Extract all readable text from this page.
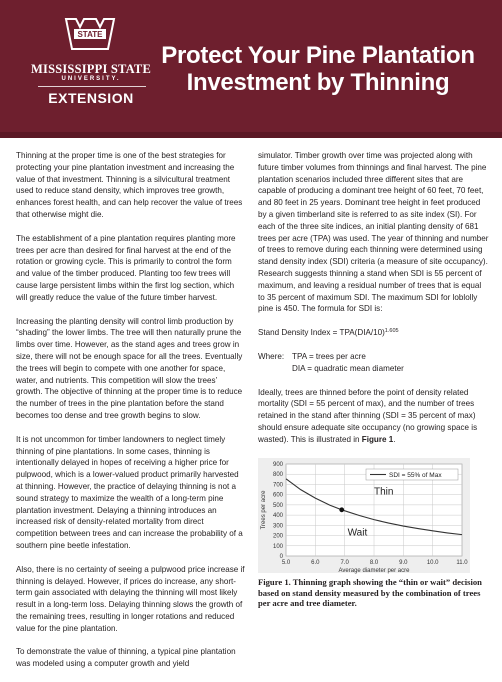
STATE
MISSISSIPPI STATE
UNIVERSITY.
EXTENSION
Protect Your Pine Plantation
Investment by Thinning

Thinning at the proper time is one of the best strategies for protecting your pine plantation investment and increasing the value of that investment. Thinning is a silvicultural treatment used to reduce stand density, which improves tree growth, enhances forest health, and can help recover the value of trees that otherwise might die.

The establishment of a pine plantation requires planting more trees per acre than desired for final harvest at the end of the rotation or growing cycle. This is primarily to control the form and value of the timber produced. Planting too few trees will cause large persistent limbs within the first log section, which will greatly reduce the value of the future timber harvest.

Increasing the planting density will control limb production by “shading” the lower limbs. The tree will then naturally prune the limbs over time. However, as the stand ages and trees grow in size, there will not be enough space for all the trees. Eventually the trees will begin to compete with one another for space, water, and nutrients. This competition will slow the trees’ growth. The objective of thinning at the proper time is to reduce the number of trees in the pine plantation before the stand becomes too dense and tree growth begins to slow.

It is not uncommon for timber landowners to neglect timely thinning of pine plantations. In some cases, thinning is intentionally delayed in hopes of receiving a higher price for pulpwood, which is a lower-valued product primarily harvested at thinning. However, the practice of delaying thinning is not a sound strategy to maximize the wealth of a long-term pine plantation investment. Delaying a thinning introduces an increased risk of density-related mortality from direct competition between trees and can increase the probability of a southern pine beetle infestation.

Also, there is no certainty of seeing a pulpwood price increase if thinning is delayed. However, if prices do increase, any short-term gain associated with delaying the thinning will most likely result in a long-term loss. Delaying thinning slows the growth of the remaining trees, resulting in longer rotations and reduced value for the pine plantation.

To demonstrate the value of thinning, a typical pine plantation was modeled using a computer growth and yield

simulator. Timber growth over time was projected along with future timber volumes from thinnings and final harvest. The pine plantation scenarios included three different sites that are capable of producing a dominant tree height of 60 feet, 70 feet, and 80 feet in 25 years. Dominant tree height in feet produced by a given timberland site is referred to as site index (SI). For each of the three site indices, an initial planting density of 681 trees per acre (TPA) was used. The year of thinning and number of trees to remove during each thinning were determined using stand density index (SDI) criteria (a measure of site occupancy). Research suggests thinning a stand when SDI is 55 percent of maximum, and leaving a residual number of trees that is equal to 35 percent of maximum SDI. The maximum SDI for loblolly pine is 450. The formula for SDI is:

Stand Density Index = $TPA(DIA/10)^{1.605}$
Where: TPA = trees per acre
DIA = quadratic mean diameter

Ideally, trees are thinned before the point of density related mortality (SDI = 55 percent of max), and the number of trees retained in the stand after thinning (SDI = 35 percent of max) should ensure adequate site occupancy (no growing space is wasted). This is illustrated in Figure 1.

0
100
200
300
400
500
600
700
800
900
5.0	6.0	7.0	8.0	9.0	10.0	11.0
Thin
Wait
SDI = 55% of Max
Trees per acre
Average diameter per acre
Figure 1. Thinning graph showing the “thin or wait” decision based on stand density measured by the combination of trees per acre and tree diameter.
